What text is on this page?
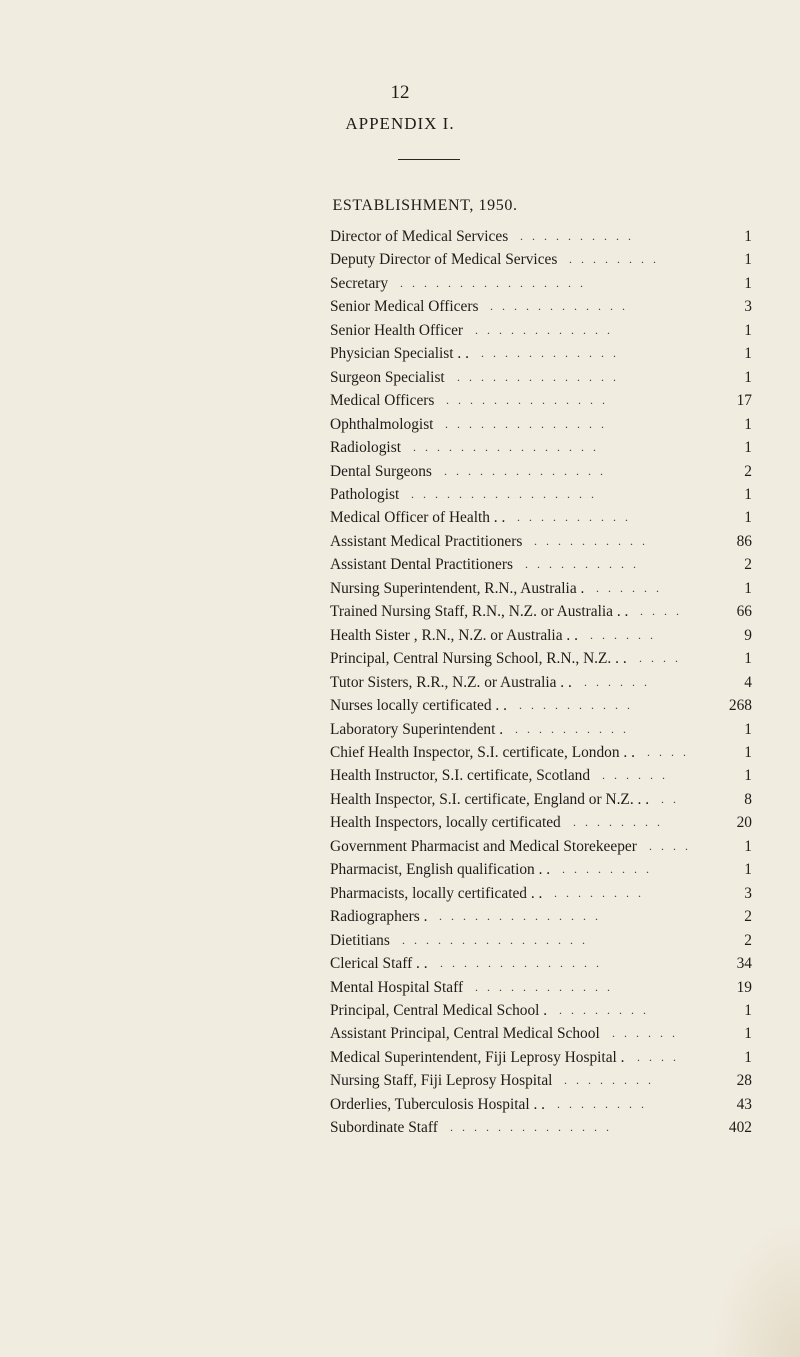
12
APPENDIX I.
ESTABLISHMENT, 1950.
. . . . . . . . . .
Director of Medical Services	1
. . . . . . . .
Deputy Director of Medical Services	1
. . . . . . . . . . . . . . . .
Secretary	1
. . . . . . . . . . . .
Senior Medical Officers	3
. . . . . . . . . . . .
Senior Health Officer	1
. . . . . . . . . . . .
Physician Specialist . .	1
. . . . . . . . . . . . . .
Surgeon Specialist	1
. . . . . . . . . . . . . .
Medical Officers	17
. . . . . . . . . . . . . .
Ophthalmologist	1
. . . . . . . . . . . . . . . .
Radiologist	1
. . . . . . . . . . . . . .
Dental Surgeons	2
. . . . . . . . . . . . . . . .
Pathologist	1
. . . . . . . . . .
Medical Officer of Health . .	1
. . . . . . . . . .
Assistant Medical Practitioners	86
. . . . . . . . . .
Assistant Dental Practitioners	2
. . . . . .
Nursing Superintendent, R.N., Australia .	1
. . . .
Trained Nursing Staff, R.N., N.Z. or Australia . .	66
. . . . . .
Health Sister , R.N., N.Z. or Australia . .	9
. . . .
Principal, Central Nursing School, R.N., N.Z. . .	1
. . . . . .
Tutor Sisters, R.R., N.Z. or Australia . .	4
. . . . . . . . . .
Nurses locally certificated . .	268
. . . . . . . . . .
Laboratory Superintendent .	1
. . . .
Chief Health Inspector, S.I. certificate, London . .	1
. . . . . .
Health Instructor, S.I. certificate, Scotland	1
. .
Health Inspector, S.I. certificate, England or N.Z. . .	8
. . . . . . . .
Health Inspectors, locally certificated	20
. . . .
Government Pharmacist and Medical Storekeeper	1
. . . . . . . .
Pharmacist, English qualification . .	1
. . . . . . . .
Pharmacists, locally certificated . .	3
. . . . . . . . . . . . . .
Radiographers .	2
. . . . . . . . . . . . . . . .
Dietitians	2
. . . . . . . . . . . . . .
Clerical Staff . .	34
. . . . . . . . . . . .
Mental Hospital Staff	19
. . . . . . . .
Principal, Central Medical School .	1
. . . . . .
Assistant Principal, Central Medical School	1
. . . .
Medical Superintendent, Fiji Leprosy Hospital .	1
. . . . . . . .
Nursing Staff, Fiji Leprosy Hospital	28
. . . . . . . .
Orderlies, Tuberculosis Hospital . .	43
. . . . . . . . . . . . . .
Subordinate Staff	402
